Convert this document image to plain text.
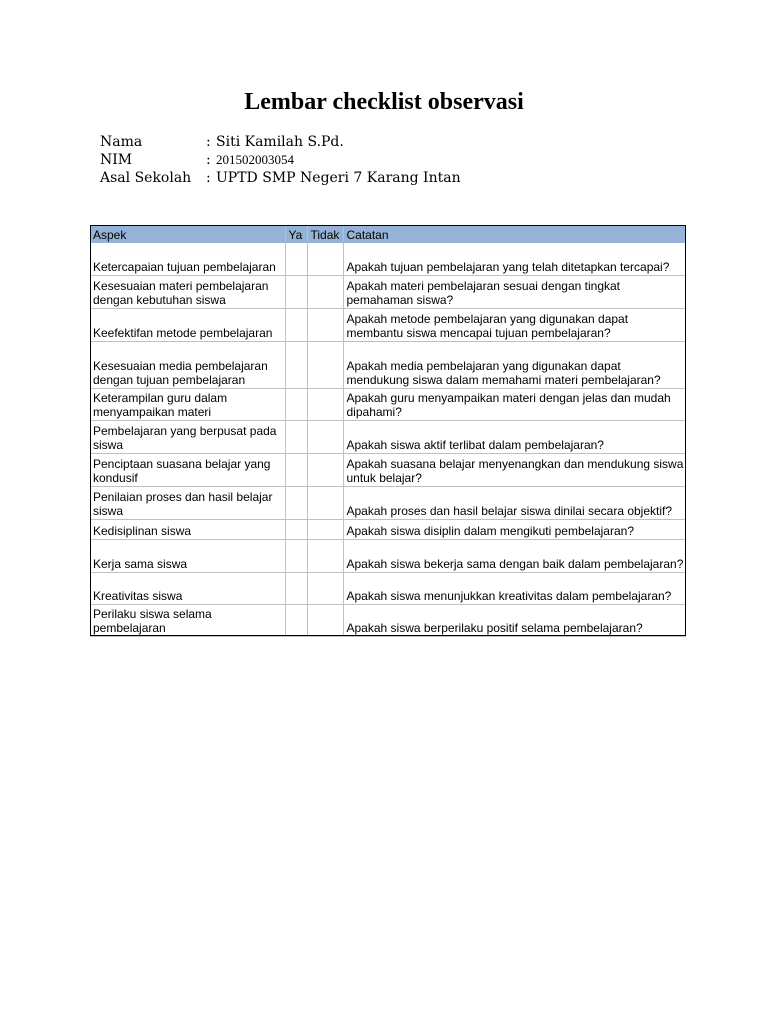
Lembar checklist observasi
Nama	: Siti Kamilah S.Pd.
NIM	: 201502003054
Asal Sekolah : UPTD SMP Negeri 7 Karang Intan
Aspek	Ya	Tidak	Catatan
Ketercapaian tujuan pembelajaran			Apakah tujuan pembelajaran yang telah ditetapkan tercapai?
Kesesuaian materi pembelajaran dengan kebutuhan siswa			Apakah materi pembelajaran sesuai dengan tingkat pemahaman siswa?
Keefektifan metode pembelajaran			Apakah metode pembelajaran yang digunakan dapat membantu siswa mencapai tujuan pembelajaran?
Kesesuaian media pembelajaran dengan tujuan pembelajaran			Apakah media pembelajaran yang digunakan dapat mendukung siswa dalam memahami materi pembelajaran?
Keterampilan guru dalam menyampaikan materi			Apakah guru menyampaikan materi dengan jelas dan mudah dipahami?
Pembelajaran yang berpusat pada siswa			Apakah siswa aktif terlibat dalam pembelajaran?
Penciptaan suasana belajar yang kondusif			Apakah suasana belajar menyenangkan dan mendukung siswa untuk belajar?
Penilaian proses dan hasil belajar siswa			Apakah proses dan hasil belajar siswa dinilai secara objektif?
Kedisiplinan siswa			Apakah siswa disiplin dalam mengikuti pembelajaran?
Kerja sama siswa			Apakah siswa bekerja sama dengan baik dalam pembelajaran?
Kreativitas siswa			Apakah siswa menunjukkan kreativitas dalam pembelajaran?
Perilaku siswa selama pembelajaran			Apakah siswa berperilaku positif selama pembelajaran?
